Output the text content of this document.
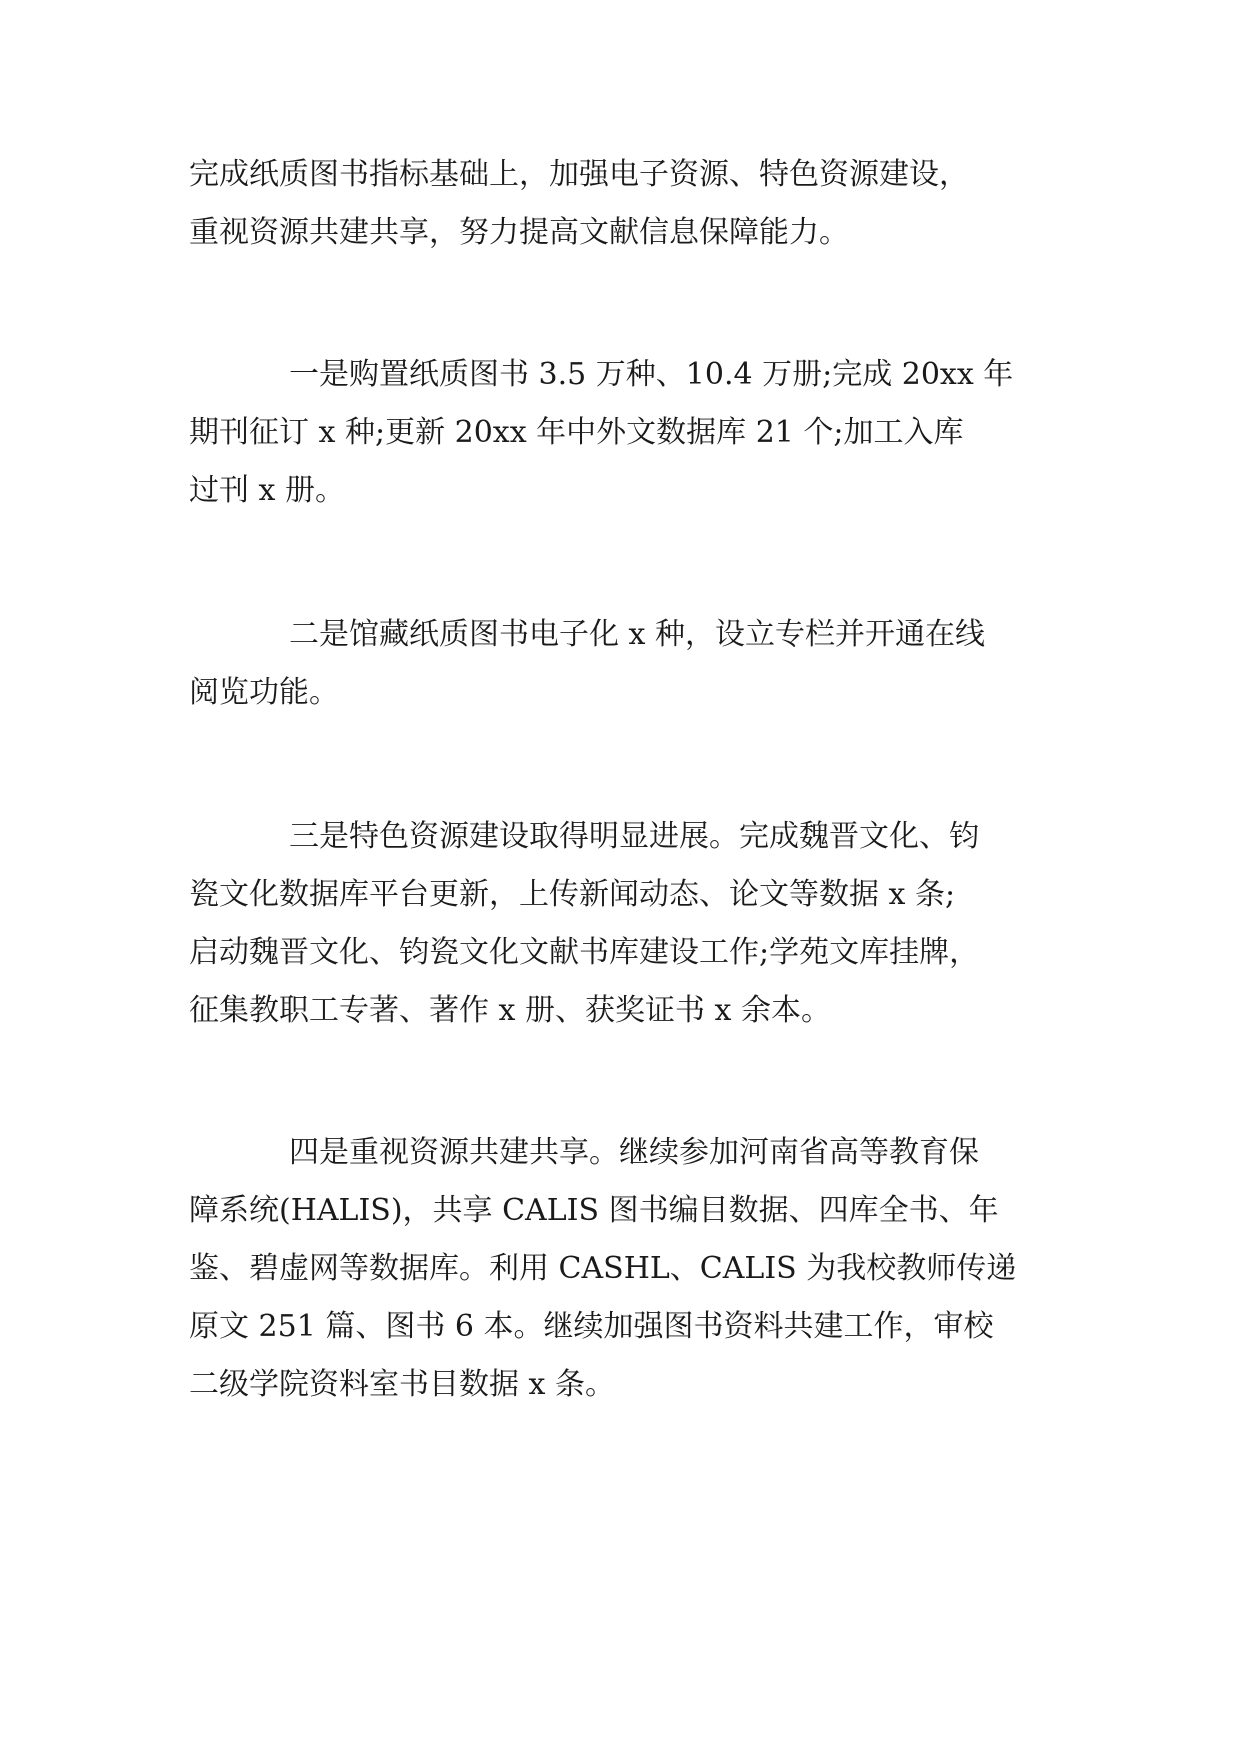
完成纸质图书指标基础上，加强电子资源、特色资源建设，
重视资源共建共享，努力提高文献信息保障能力。
一是购置纸质图书 3.5 万种、10.4 万册;完成 20xx 年
期刊征订 x 种;更新 20xx 年中外文数据库 21 个;加工入库
过刊 x 册。
二是馆藏纸质图书电子化 x 种，设立专栏并开通在线
阅览功能。
三是特色资源建设取得明显进展。完成魏晋文化、钧
瓷文化数据库平台更新，上传新闻动态、论文等数据 x 条;
启动魏晋文化、钧瓷文化文献书库建设工作;学苑文库挂牌，
征集教职工专著、著作 x 册、获奖证书 x 余本。
四是重视资源共建共享。继续参加河南省高等教育保
障系统(HALIS)，共享 CALIS 图书编目数据、四库全书、年
鉴、碧虚网等数据库。利用 CASHL、CALIS 为我校教师传递
原文 251 篇、图书 6 本。继续加强图书资料共建工作，审校
二级学院资料室书目数据 x 条。
